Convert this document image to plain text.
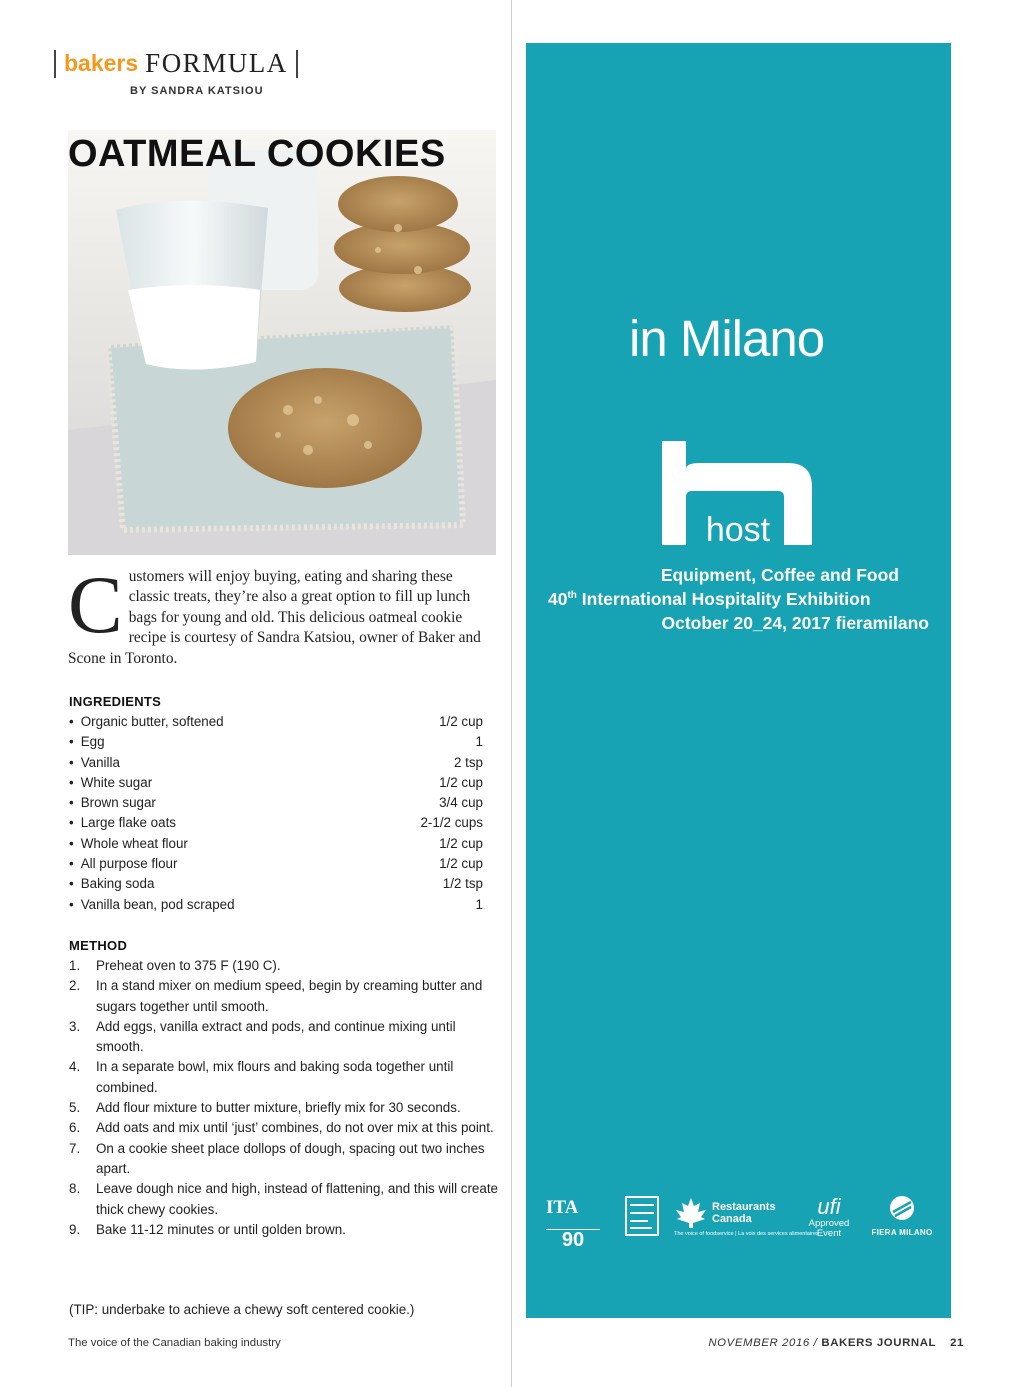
bakers FORMULA
BY SANDRA KATSIOU
OATMEAL COOKIES

Customers will enjoy buying, eating and sharing these classic treats, they’re also a great option to fill up lunch bags for young and old. This delicious oatmeal cookie recipe is courtesy of Sandra Katsiou, owner of Baker and Scone in Toronto.

INGREDIENTS
• Organic butter, softened	1/2 cup
• Egg	1
• Vanilla	2 tsp
• White sugar	1/2 cup
• Brown sugar	3/4 cup
• Large flake oats	2-1/2 cups
• Whole wheat flour	1/2 cup
• All purpose flour	1/2 cup
• Baking soda	1/2 tsp
• Vanilla bean, pod scraped	1
METHOD
1.	Preheat oven to 375 F (190 C).
2.	In a stand mixer on medium speed, begin by creaming butter and sugars together until smooth.
3.	Add eggs, vanilla extract and pods, and continue mixing until smooth.
4.	In a separate bowl, mix flours and baking soda together until combined.
5.	Add flour mixture to butter mixture, briefly mix for 30 seconds.
6.	Add oats and mix until ‘just’ combines, do not over mix at this point.
7.	On a cookie sheet place dollops of dough, spacing out two inches apart.
8.	Leave dough nice and high, instead of flattening, and this will create thick chewy cookies.
9.	Bake 11-12 minutes or until golden brown.
(TIP: underbake to achieve a chewy soft centered cookie.)
The voice of the Canadian baking industry	NOVEMBER 2016 / BAKERS JOURNAL 21
in Milano
host
Equipment, Coffee and Food
40th International Hospitality Exhibition
October 20_24, 2017 fieramilano
ITA
90
Restaurants
Canada
The voice of foodservice | La voix des services alimentaires
ufi
Approved
Event	FIERA MILANO
